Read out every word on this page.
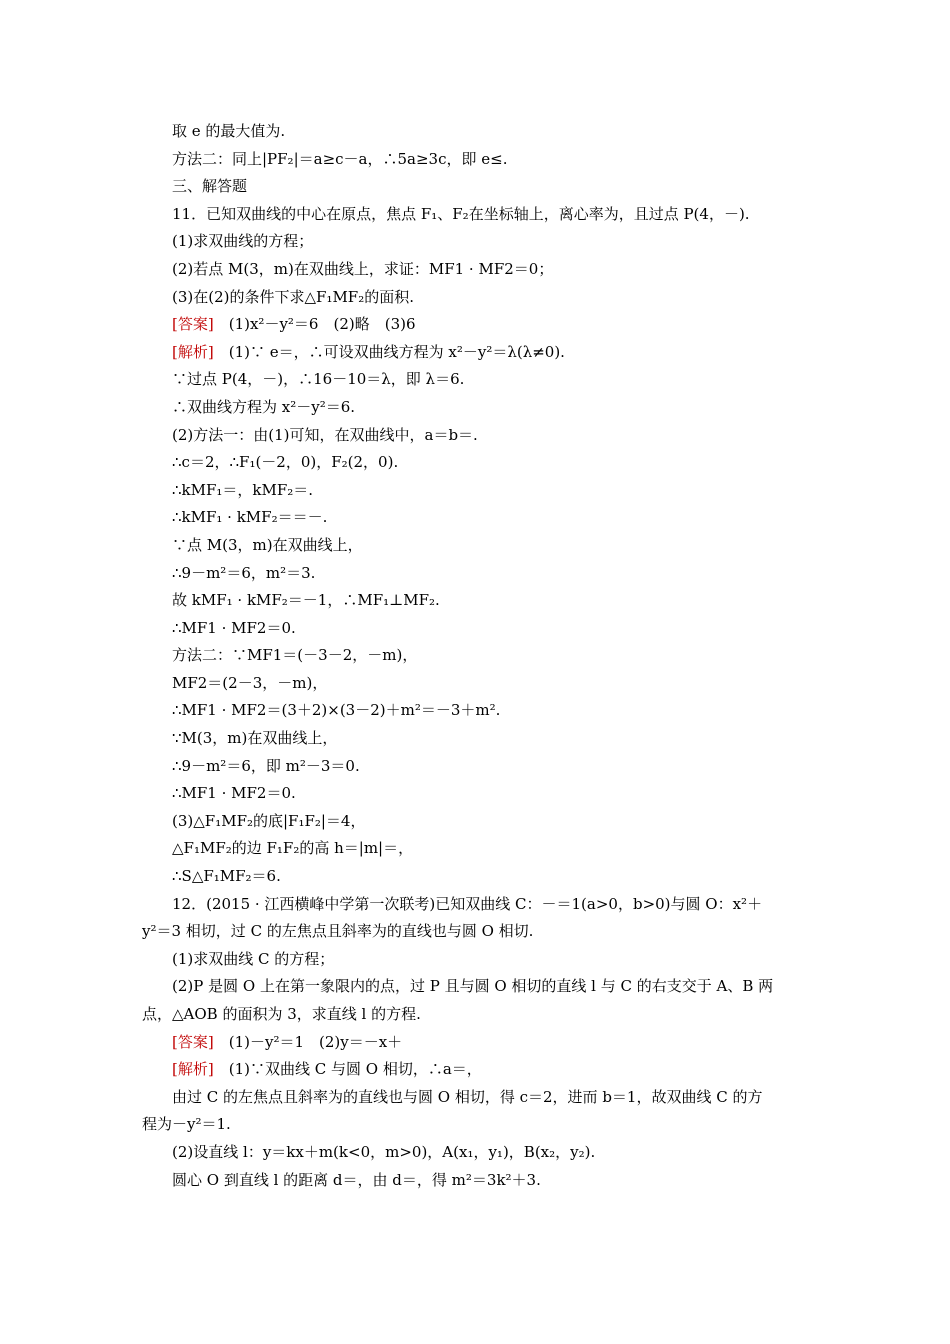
取 e 的最大值为.
方法二：同上|PF₂|＝a≥c－a，∴5a≥3c，即 e≤.
三、解答题
11．已知双曲线的中心在原点，焦点 F₁、F₂在坐标轴上，离心率为，且过点 P(4，－).
(1)求双曲线的方程；
(2)若点 M(3，m)在双曲线上，求证：MF1 · MF2＝0；
(3)在(2)的条件下求△F₁MF₂的面积.
[答案]　(1)x²－y²＝6　(2)略　(3)6
[解析]　(1)∵ e＝，∴可设双曲线方程为 x²－y²＝λ(λ≠0).
∵过点 P(4，－)，∴16－10＝λ，即 λ＝6.
∴双曲线方程为 x²－y²＝6.
(2)方法一：由(1)可知，在双曲线中，a＝b＝.
∴c＝2，∴F₁(－2，0)，F₂(2，0).
∴kMF₁＝，kMF₂＝.
∴kMF₁ · kMF₂＝＝－.
∵点 M(3，m)在双曲线上，
∴9－m²＝6，m²＝3.
故 kMF₁ · kMF₂＝－1，∴MF₁⊥MF₂.
∴MF1 · MF2＝0.
方法二：∵MF1＝(－3－2，－m)，
MF2＝(2－3，－m)，
∴MF1 · MF2＝(3＋2)×(3－2)＋m²＝－3＋m².
∵M(3，m)在双曲线上，
∴9－m²＝6，即 m²－3＝0.
∴MF1 · MF2＝0.
(3)△F₁MF₂的底|F₁F₂|＝4，
△F₁MF₂的边 F₁F₂的高 h＝|m|＝，
∴S△F₁MF₂＝6.
12．(2015 · 江西横峰中学第一次联考)已知双曲线 C：－＝1(a>0，b>0)与圆 O：x²＋
y²＝3 相切，过 C 的左焦点且斜率为的直线也与圆 O 相切.
(1)求双曲线 C 的方程；
(2)P 是圆 O 上在第一象限内的点，过 P 且与圆 O 相切的直线 l 与 C 的右支交于 A、B 两
点，△AOB 的面积为 3，求直线 l 的方程.
[答案]　(1)－y²＝1　(2)y＝－x＋
[解析]　(1)∵双曲线 C 与圆 O 相切，∴a＝，
由过 C 的左焦点且斜率为的直线也与圆 O 相切，得 c＝2，进而 b＝1，故双曲线 C 的方
程为－y²＝1.
(2)设直线 l：y＝kx＋m(k<0，m>0)，A(x₁，y₁)，B(x₂，y₂).
圆心 O 到直线 l 的距离 d＝，由 d＝，得 m²＝3k²＋3.
